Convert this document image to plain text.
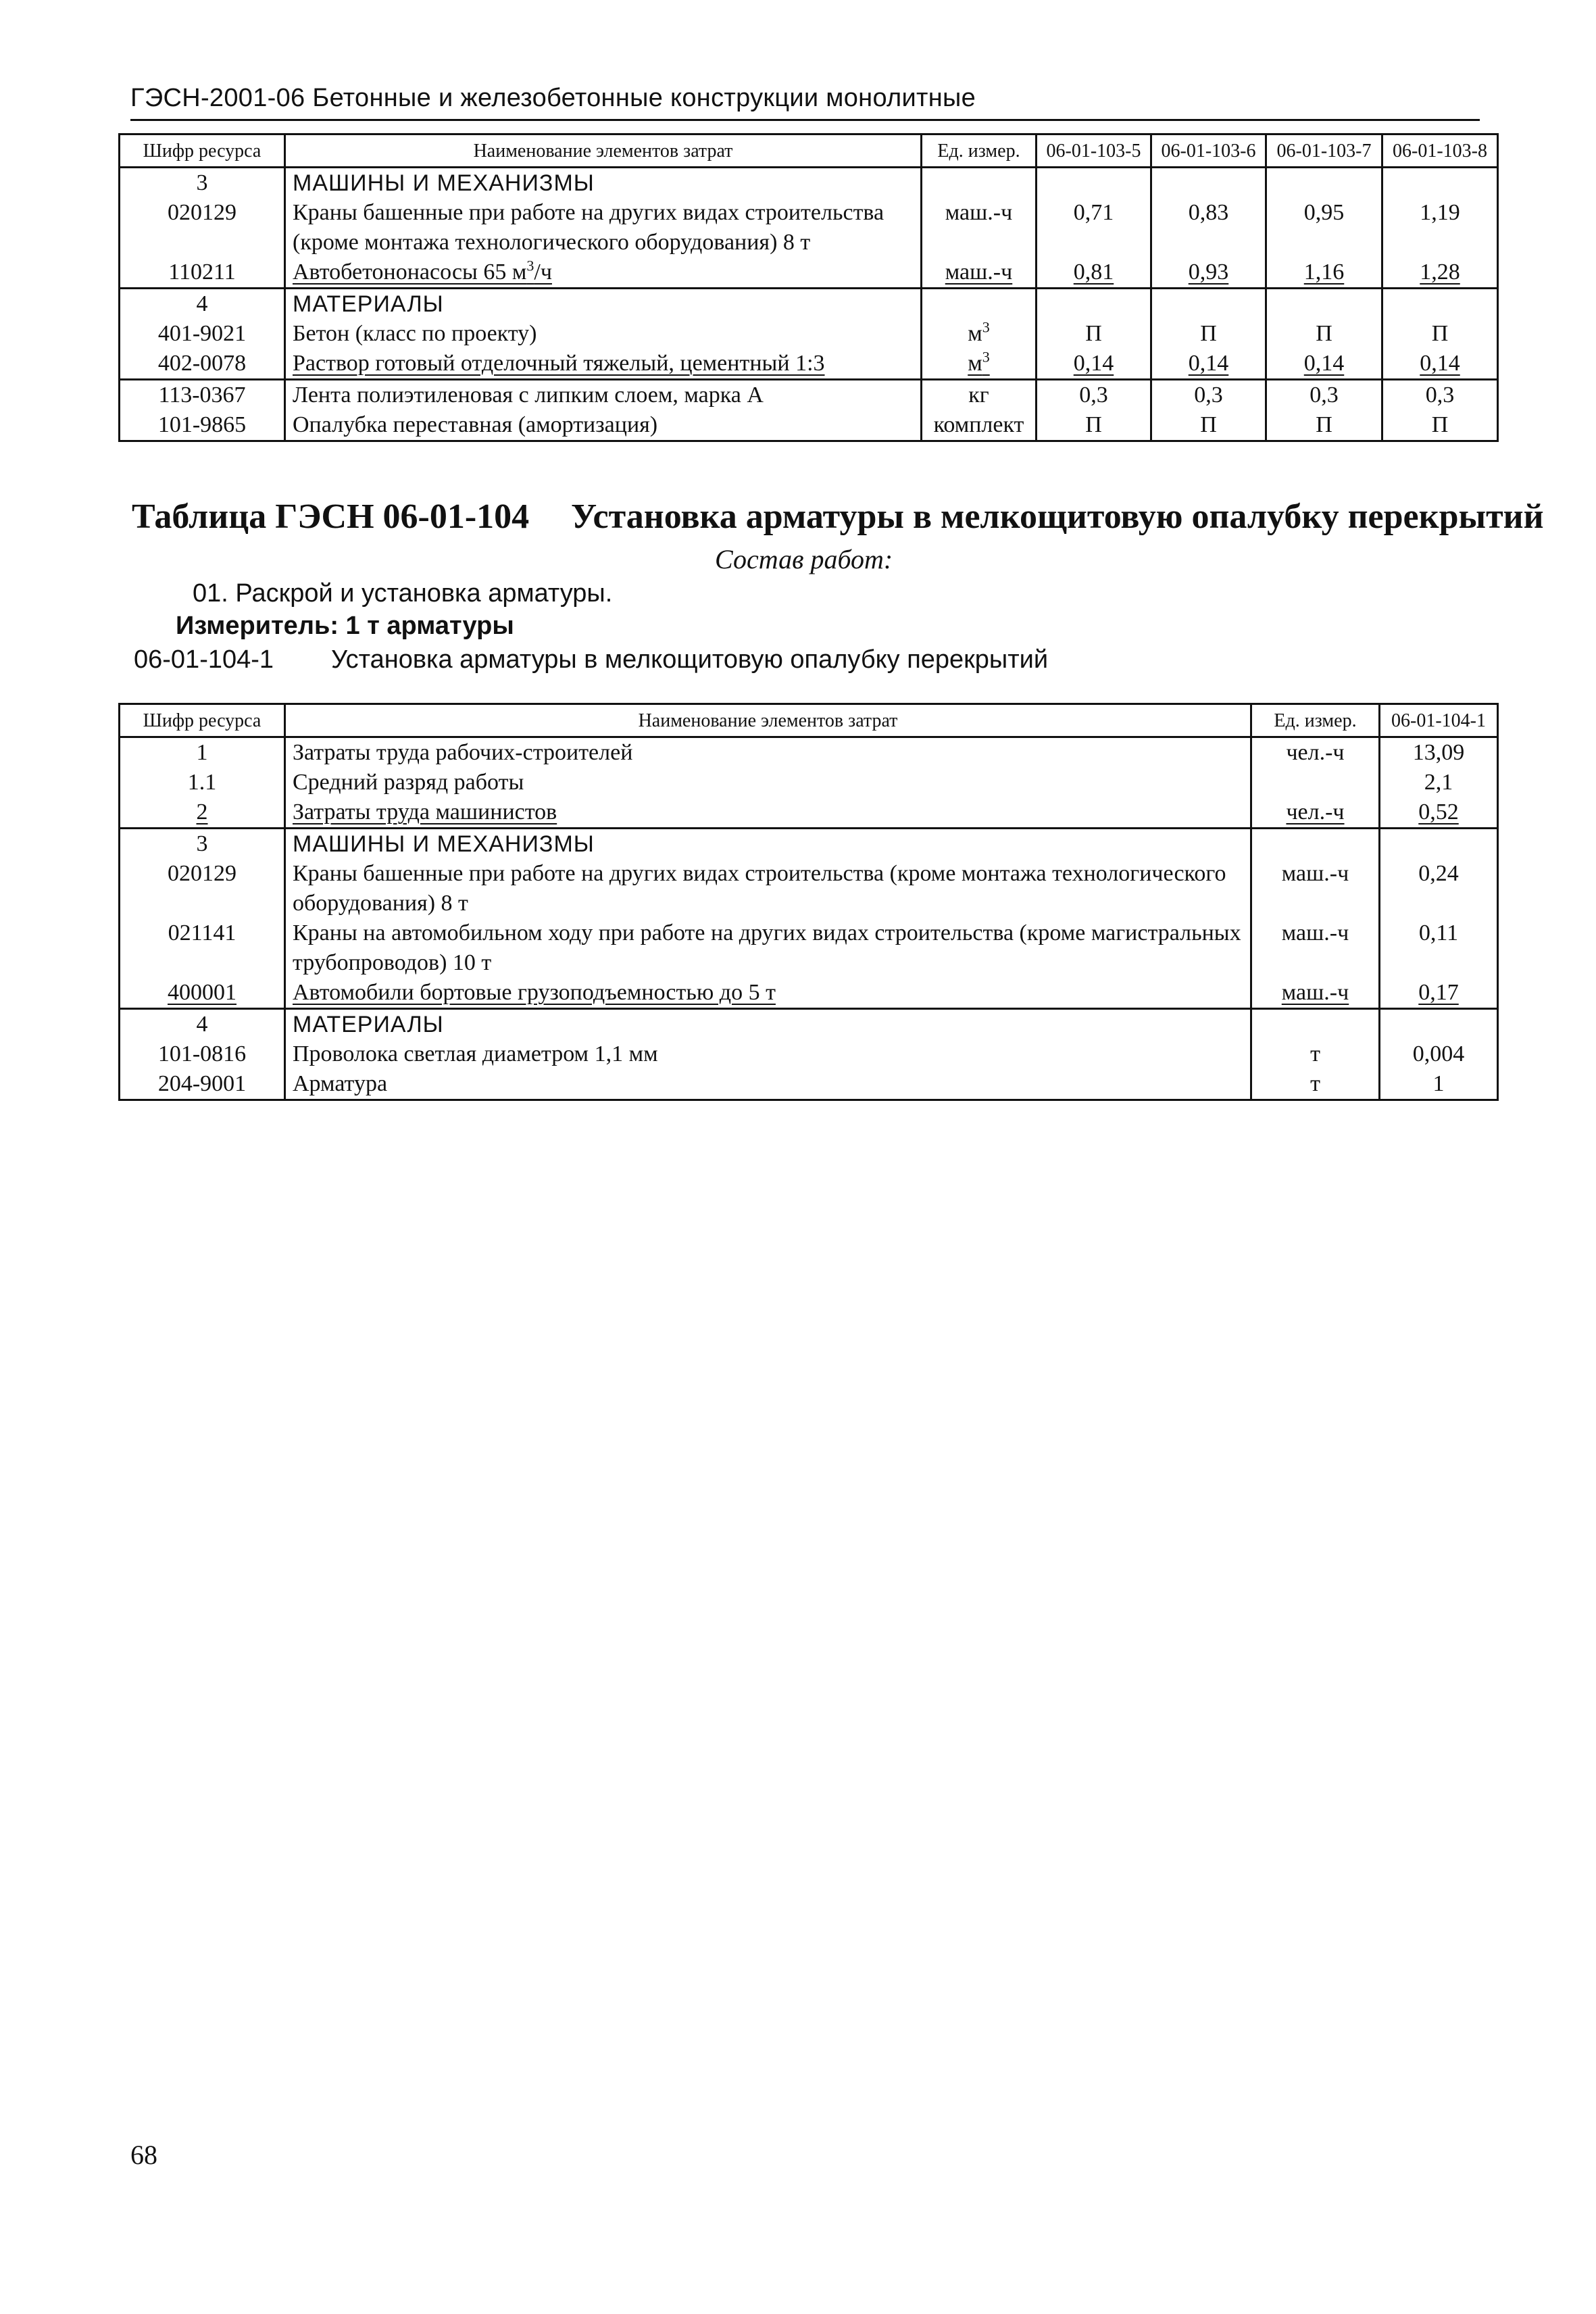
ГЭСН-2001-06 Бетонные и железобетонные конструкции монолитные
Шифр ресурса	Наименование элементов затрат	Ед. измер.	06-01-103-5	06-01-103-6	06-01-103-7	06-01-103-8
3	МАШИНЫ И МЕХАНИЗМЫ					
020129	Краны башенные при работе на других видах строительства (кроме монтажа технологического оборудования) 8 т	маш.-ч	0,71	0,83	0,95	1,19
110211	Автобетононасосы 65 $м^3/ч$	маш.-ч	0,81	0,93	1,16	1,28
4	МАТЕРИАЛЫ					
401-9021	Бетон (класс по проекту)	$м^3$	П	П	П	П
402-0078	Раствор готовый отделочный тяжелый, цементный 1:3	$м^3$	0,14	0,14	0,14	0,14
113-0367	Лента полиэтиленовая с липким слоем, марка А	кг	0,3	0,3	0,3	0,3
101-9865	Опалубка переставная (амортизация)	комплект	П	П	П	П
Таблица ГЭСН 06-01-104 Установка арматуры в мелкощитовую опалубку перекрытий
Состав работ:
01. Раскрой и установка арматуры.
Измеритель: 1 т арматуры
06-01-104-1 Установка арматуры в мелкощитовую опалубку перекрытий
Шифр ресурса	Наименование элементов затрат	Ед. измер.	06-01-104-1
1	Затраты труда рабочих-строителей	чел.-ч	13,09
1.1	Средний разряд работы		2,1
2	Затраты труда машинистов	чел.-ч	0,52
3	МАШИНЫ И МЕХАНИЗМЫ		
020129	Краны башенные при работе на других видах строительства (кроме монтажа технологического оборудования) 8 т	маш.-ч	0,24
021141	Краны на автомобильном ходу при работе на других видах строительства (кроме магистральных трубопроводов) 10 т	маш.-ч	0,11
400001	Автомобили бортовые грузоподъемностью до 5 т	маш.-ч	0,17
4	МАТЕРИАЛЫ		
101-0816	Проволока светлая диаметром 1,1 мм	т	0,004
204-9001	Арматура	т	1
68
